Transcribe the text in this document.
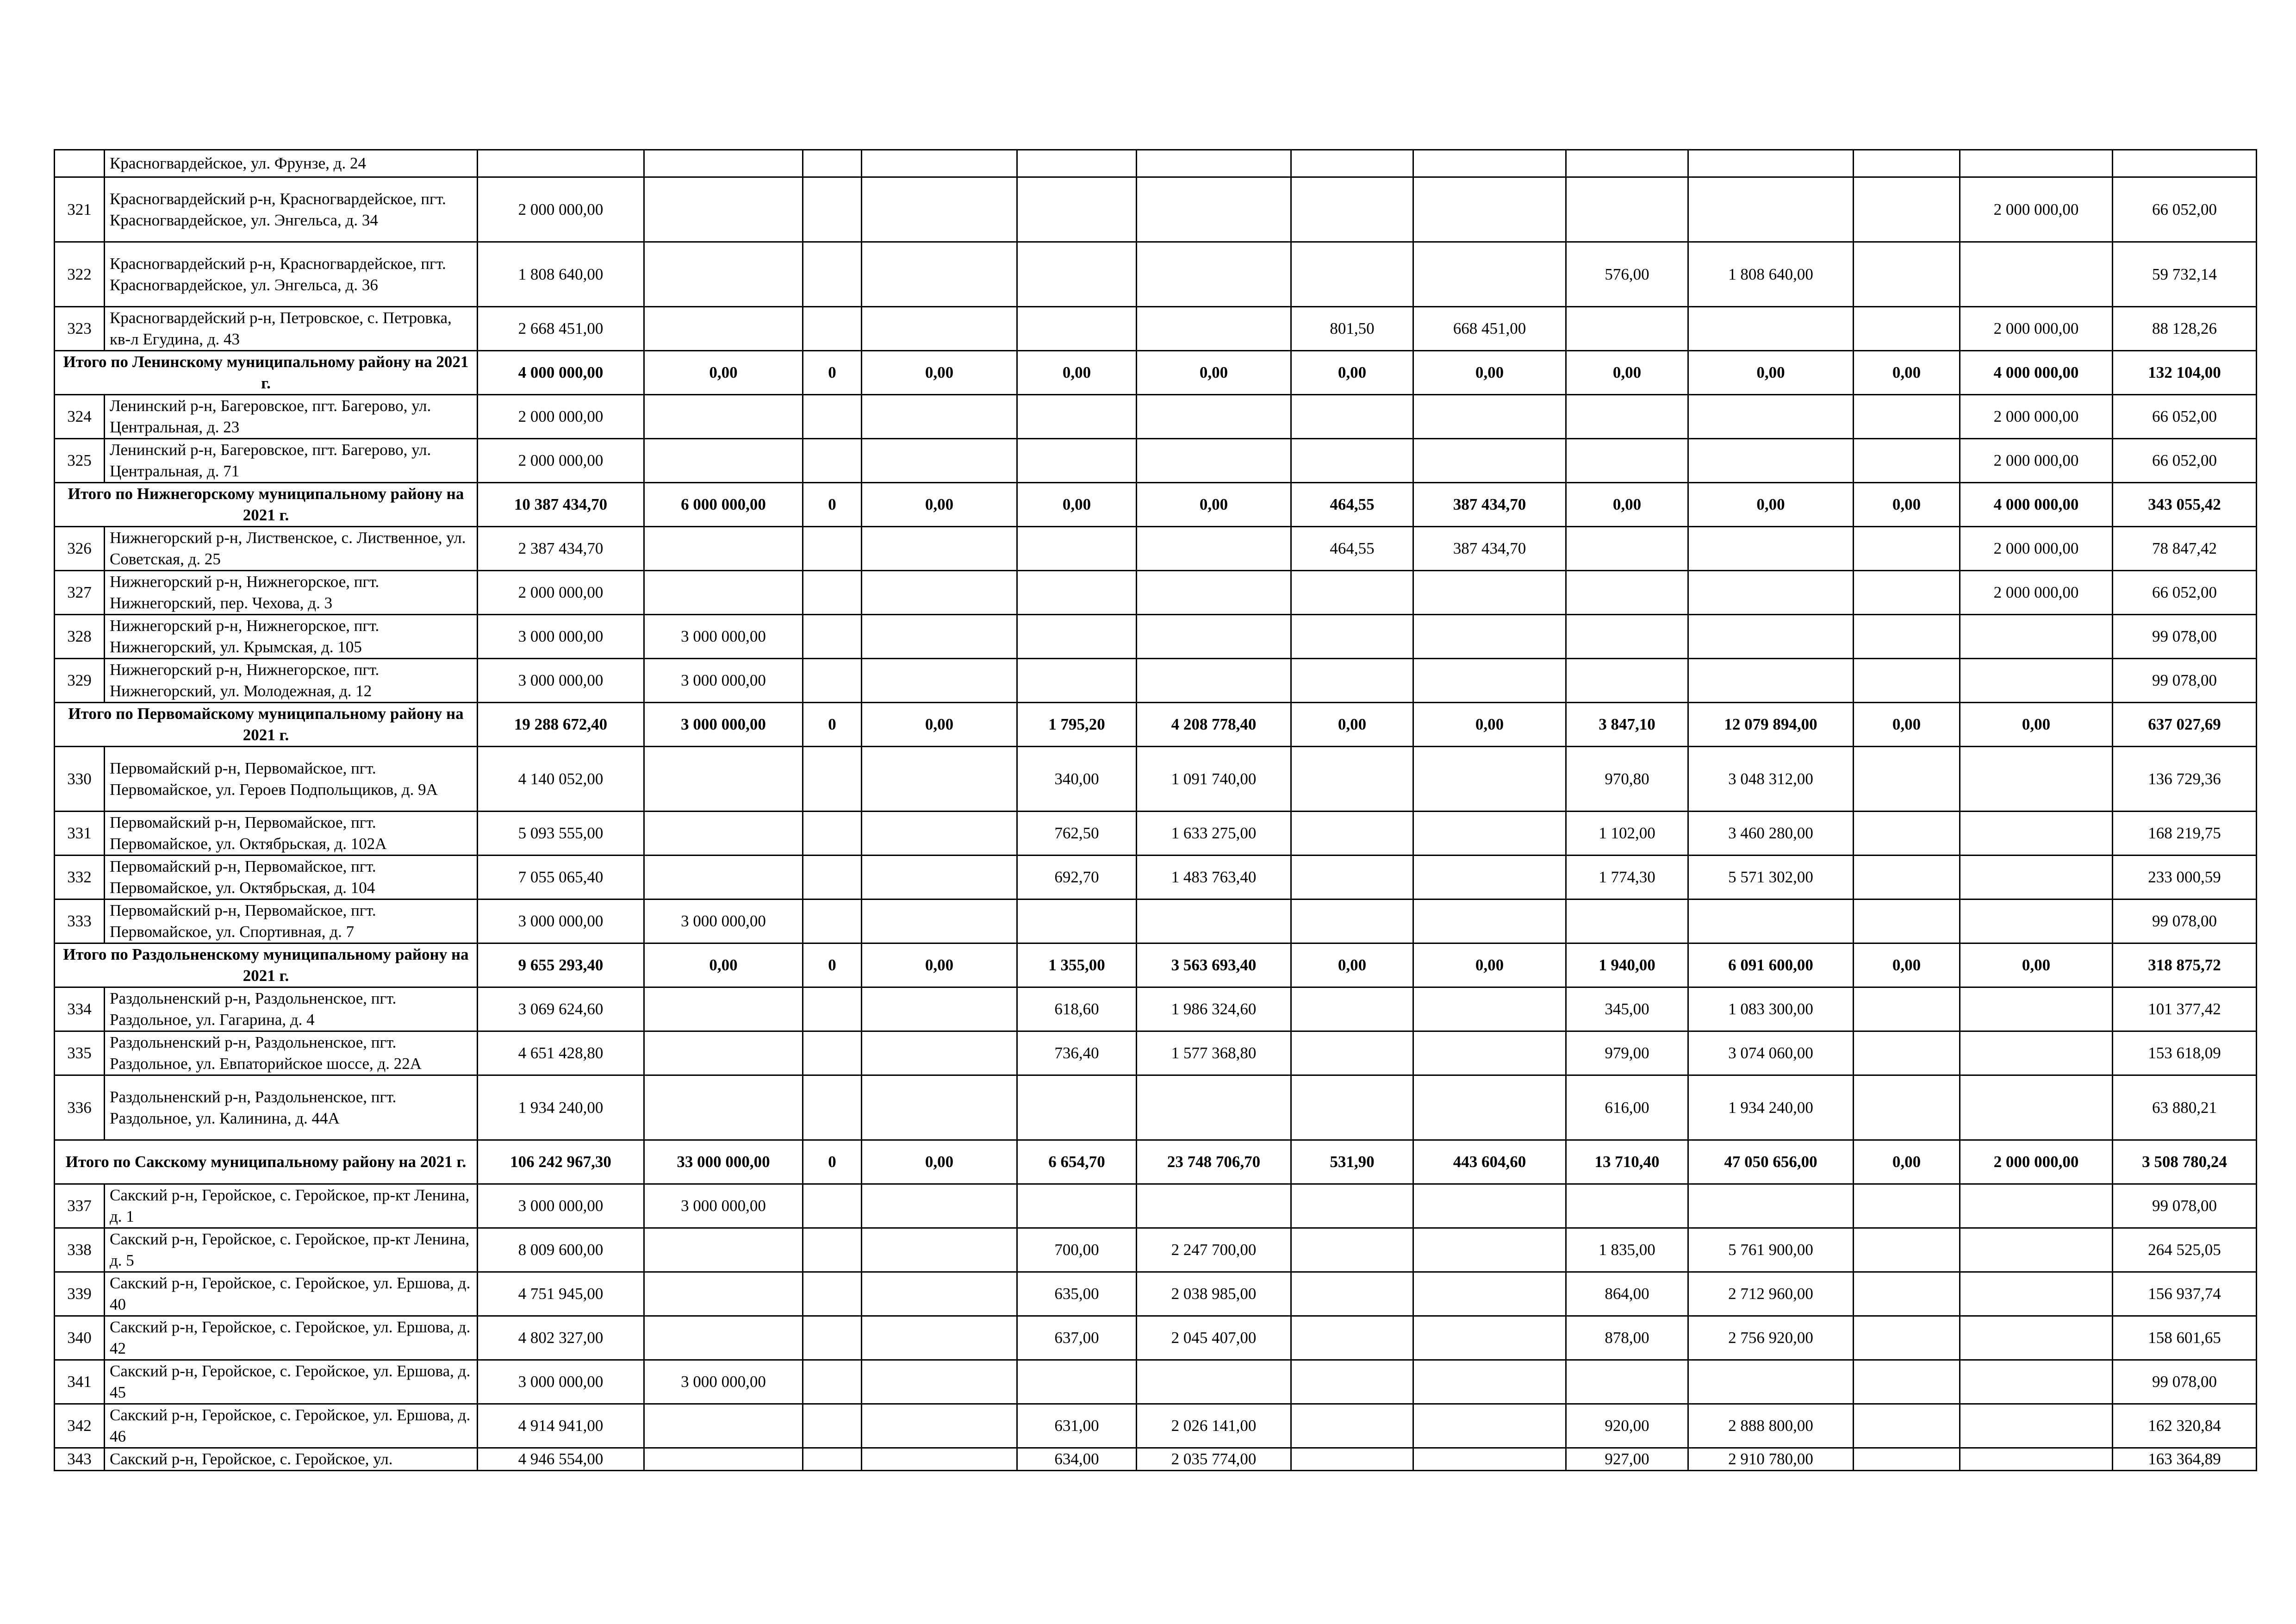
	Красногвардейское, ул. Фрунзе, д. 24													
321	Красногвардейский р-н, Красногвардейское, пгт. Красногвардейское, ул. Энгельса, д. 34	2 000 000,00											2 000 000,00	66 052,00
322	Красногвардейский р-н, Красногвардейское, пгт. Красногвардейское, ул. Энгельса, д. 36	1 808 640,00								576,00	1 808 640,00			59 732,14
323	Красногвардейский р-н, Петровское, с. Петровка, кв-л Егудина, д. 43	2 668 451,00						801,50	668 451,00				2 000 000,00	88 128,26
Итого по Ленинскому муниципальному району на 2021 г.		4 000 000,00	0,00	0	0,00	0,00	0,00	0,00	0,00	0,00	0,00	0,00	4 000 000,00	132 104,00
324	Ленинский р-н, Багеровское, пгт. Багерово, ул. Центральная, д. 23	2 000 000,00											2 000 000,00	66 052,00
325	Ленинский р-н, Багеровское, пгт. Багерово, ул. Центральная, д. 71	2 000 000,00											2 000 000,00	66 052,00
Итого по Нижнегорскому муниципальному району на 2021 г.		10 387 434,70	6 000 000,00	0	0,00	0,00	0,00	464,55	387 434,70	0,00	0,00	0,00	4 000 000,00	343 055,42
326	Нижнегорский р-н, Лиственское, с. Лиственное, ул. Советская, д. 25	2 387 434,70						464,55	387 434,70				2 000 000,00	78 847,42
327	Нижнегорский р-н, Нижнегорское, пгт. Нижнегорский, пер. Чехова, д. 3	2 000 000,00											2 000 000,00	66 052,00
328	Нижнегорский р-н, Нижнегорское, пгт. Нижнегорский, ул. Крымская, д. 105	3 000 000,00	3 000 000,00											99 078,00
329	Нижнегорский р-н, Нижнегорское, пгт. Нижнегорский, ул. Молодежная, д. 12	3 000 000,00	3 000 000,00											99 078,00
Итого по Первомайскому муниципальному району на 2021 г.		19 288 672,40	3 000 000,00	0	0,00	1 795,20	4 208 778,40	0,00	0,00	3 847,10	12 079 894,00	0,00	0,00	637 027,69
330	Первомайский р-н, Первомайское, пгт. Первомайское, ул. Героев Подпольщиков, д. 9А	4 140 052,00				340,00	1 091 740,00			970,80	3 048 312,00			136 729,36
331	Первомайский р-н, Первомайское, пгт. Первомайское, ул. Октябрьская, д. 102А	5 093 555,00				762,50	1 633 275,00			1 102,00	3 460 280,00			168 219,75
332	Первомайский р-н, Первомайское, пгт. Первомайское, ул. Октябрьская, д. 104	7 055 065,40				692,70	1 483 763,40			1 774,30	5 571 302,00			233 000,59
333	Первомайский р-н, Первомайское, пгт. Первомайское, ул. Спортивная, д. 7	3 000 000,00	3 000 000,00											99 078,00
Итого по Раздольненскому муниципальному району на 2021 г.		9 655 293,40	0,00	0	0,00	1 355,00	3 563 693,40	0,00	0,00	1 940,00	6 091 600,00	0,00	0,00	318 875,72
334	Раздольненский р-н, Раздольненское, пгт. Раздольное, ул. Гагарина, д. 4	3 069 624,60				618,60	1 986 324,60			345,00	1 083 300,00			101 377,42
335	Раздольненский р-н, Раздольненское, пгт. Раздольное, ул. Евпаторийское шоссе, д. 22А	4 651 428,80				736,40	1 577 368,80			979,00	3 074 060,00			153 618,09
336	Раздольненский р-н, Раздольненское, пгт. Раздольное, ул. Калинина, д. 44А	1 934 240,00								616,00	1 934 240,00			63 880,21
Итого по Сакскому муниципальному району на 2021 г.		106 242 967,30	33 000 000,00	0	0,00	6 654,70	23 748 706,70	531,90	443 604,60	13 710,40	47 050 656,00	0,00	2 000 000,00	3 508 780,24
337	Сакский р-н, Геройское, с. Геройское, пр-кт Ленина, д. 1	3 000 000,00	3 000 000,00											99 078,00
338	Сакский р-н, Геройское, с. Геройское, пр-кт Ленина, д. 5	8 009 600,00				700,00	2 247 700,00			1 835,00	5 761 900,00			264 525,05
339	Сакский р-н, Геройское, с. Геройское, ул. Ершова, д. 40	4 751 945,00				635,00	2 038 985,00			864,00	2 712 960,00			156 937,74
340	Сакский р-н, Геройское, с. Геройское, ул. Ершова, д. 42	4 802 327,00				637,00	2 045 407,00			878,00	2 756 920,00			158 601,65
341	Сакский р-н, Геройское, с. Геройское, ул. Ершова, д. 45	3 000 000,00	3 000 000,00											99 078,00
342	Сакский р-н, Геройское, с. Геройское, ул. Ершова, д. 46	4 914 941,00				631,00	2 026 141,00			920,00	2 888 800,00			162 320,84
343	Сакский р-н, Геройское, с. Геройское, ул.	4 946 554,00				634,00	2 035 774,00			927,00	2 910 780,00			163 364,89
